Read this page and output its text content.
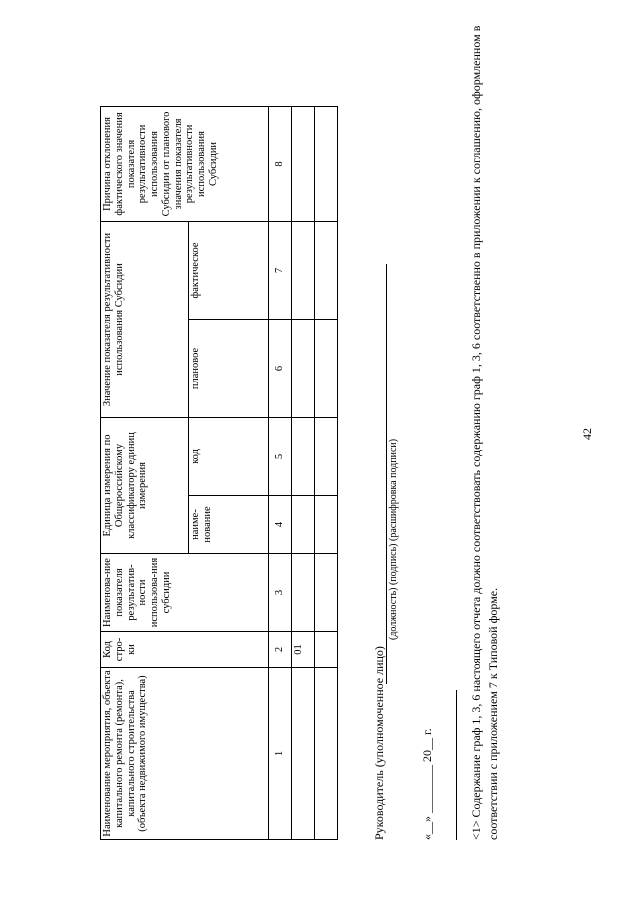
Наименование мероприятия, объекта капитального ремонта (ремонта), капитального строительства (объекта недвижимого имущества)	Код стро-ки	Наименова-ние показателя результатив-ности использова-ния субсидии	Единица измерения по Общероссийскому классификатору единиц измерения		Значение показателя результативности использования Субсидии		Причина отклонения фактического значения показателя результативности использования Субсидии от планового значения показателя результативности использования Субсидии
			наиме-нование	код	плановое	фактическое	
1	2	3	4	5	6	7	8
	01						
								Руководитель (уполномоченное лицо)
(должность) (подпись) (расшифровка подписи)
«__» ________ 20__ г.	<1> Содержание граф 1, 3, 6 настоящего отчета должно соответствовать содержанию граф 1, 3, 6 соответственно в приложении к соглашению, оформленном в соответствии с приложением 7 к Типовой форме.
42
